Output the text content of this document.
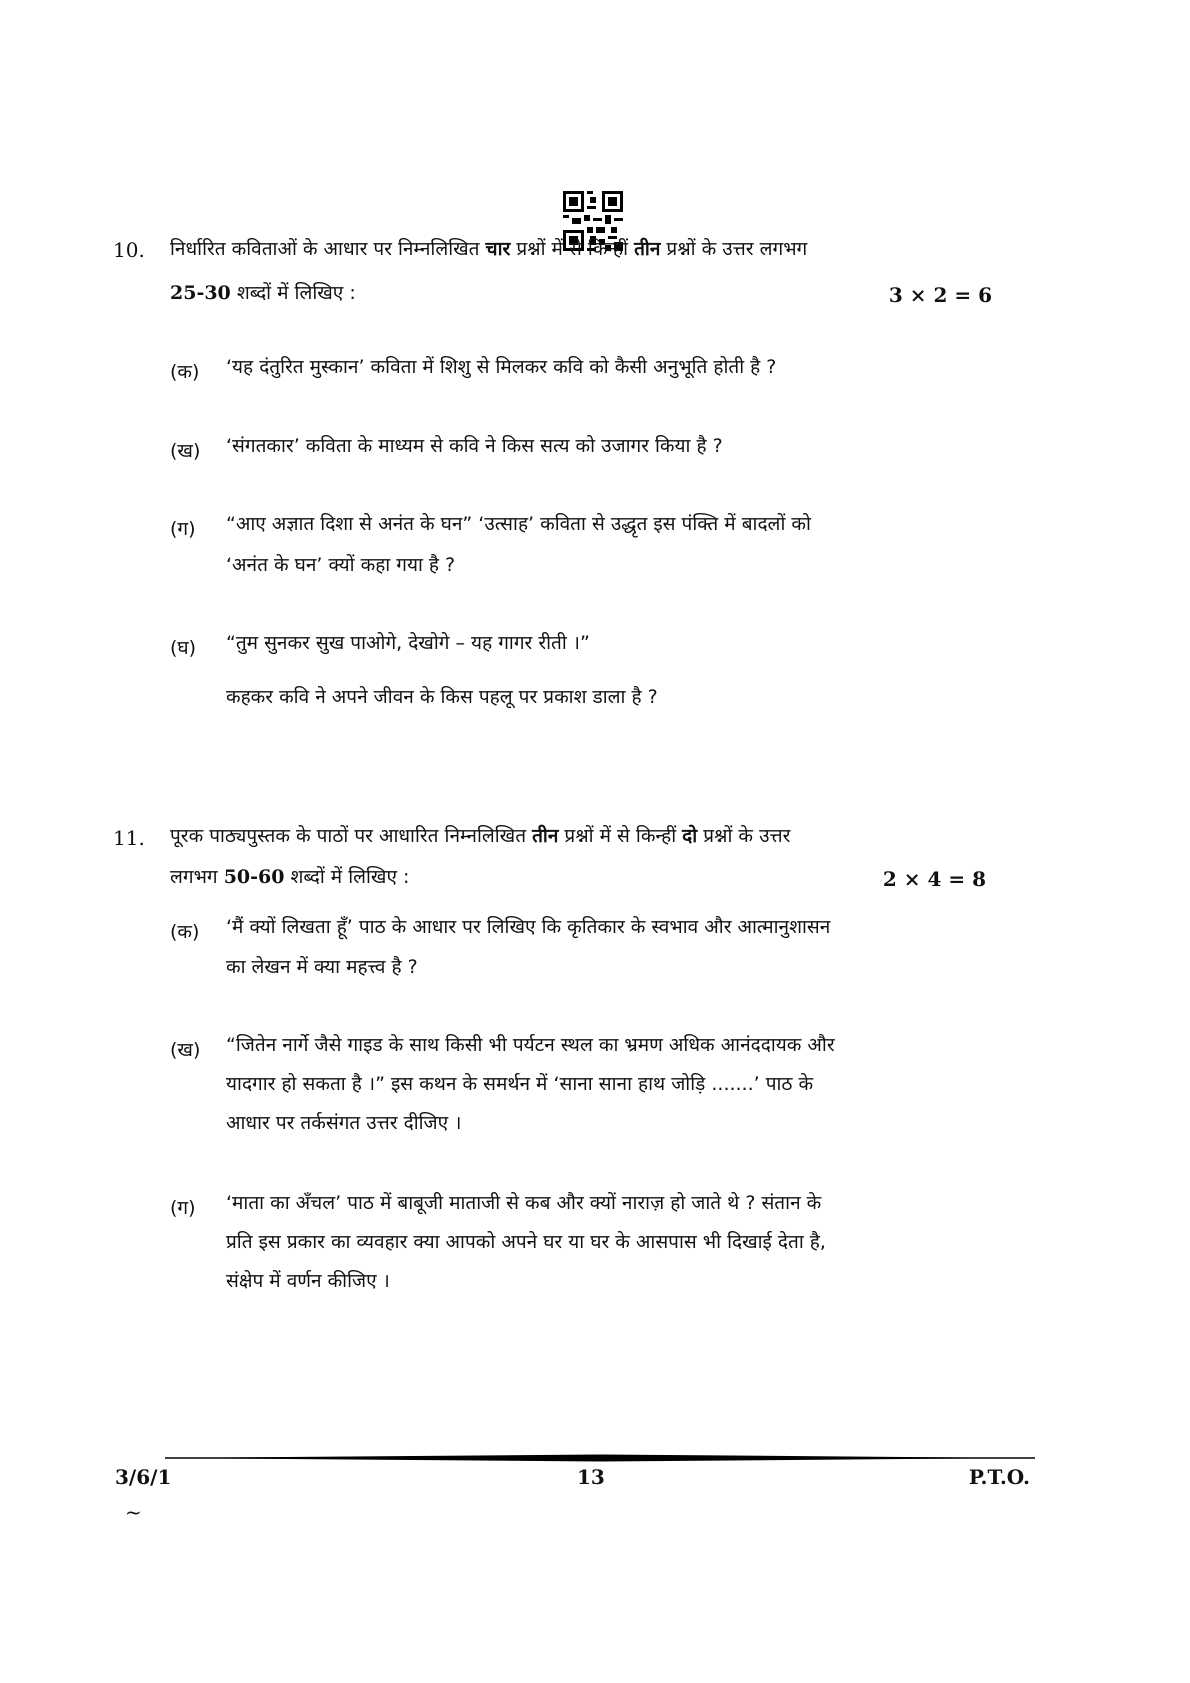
10. निर्धारित कविताओं के आधार पर निम्नलिखित चार प्रश्नों में से किन्हीं तीन प्रश्नों के उत्तर लगभग
25-30 शब्दों में लिखिए :	3 × 2 = 6
(क) ‘यह दंतुरित मुस्कान’ कविता में शिशु से मिलकर कवि को कैसी अनुभूति होती है ?
(ख) ‘संगतकार’ कविता के माध्यम से कवि ने किस सत्य को उजागर किया है ?
(ग) “आए अज्ञात दिशा से अनंत के घन” ‘उत्साह’ कविता से उद्धृत इस पंक्ति में बादलों को
‘अनंत के घन’ क्यों कहा गया है ?
(घ) “तुम सुनकर सुख पाओगे, देखोगे – यह गागर रीती ।”
कहकर कवि ने अपने जीवन के किस पहलू पर प्रकाश डाला है ?
11. पूरक पाठ्यपुस्तक के पाठों पर आधारित निम्नलिखित तीन प्रश्नों में से किन्हीं दो प्रश्नों के उत्तर
लगभग 50-60 शब्दों में लिखिए :	2 × 4 = 8
(क) ‘मैं क्यों लिखता हूँ’ पाठ के आधार पर लिखिए कि कृतिकार के स्वभाव और आत्मानुशासन
का लेखन में क्या महत्त्व है ?
(ख) “जितेन नार्गे जैसे गाइड के साथ किसी भी पर्यटन स्थल का भ्रमण अधिक आनंददायक और
यादगार हो सकता है ।” इस कथन के समर्थन में ‘साना साना हाथ जोड़ि .......’ पाठ के
आधार पर तर्कसंगत उत्तर दीजिए ।
(ग) ‘माता का अँचल’ पाठ में बाबूजी माताजी से कब और क्यों नाराज़ हो जाते थे ? संतान के
प्रति इस प्रकार का व्यवहार क्या आपको अपने घर या घर के आसपास भी दिखाई देता है,
संक्षेप में वर्णन कीजिए ।
3/6/1	13	P.T.O.
~
